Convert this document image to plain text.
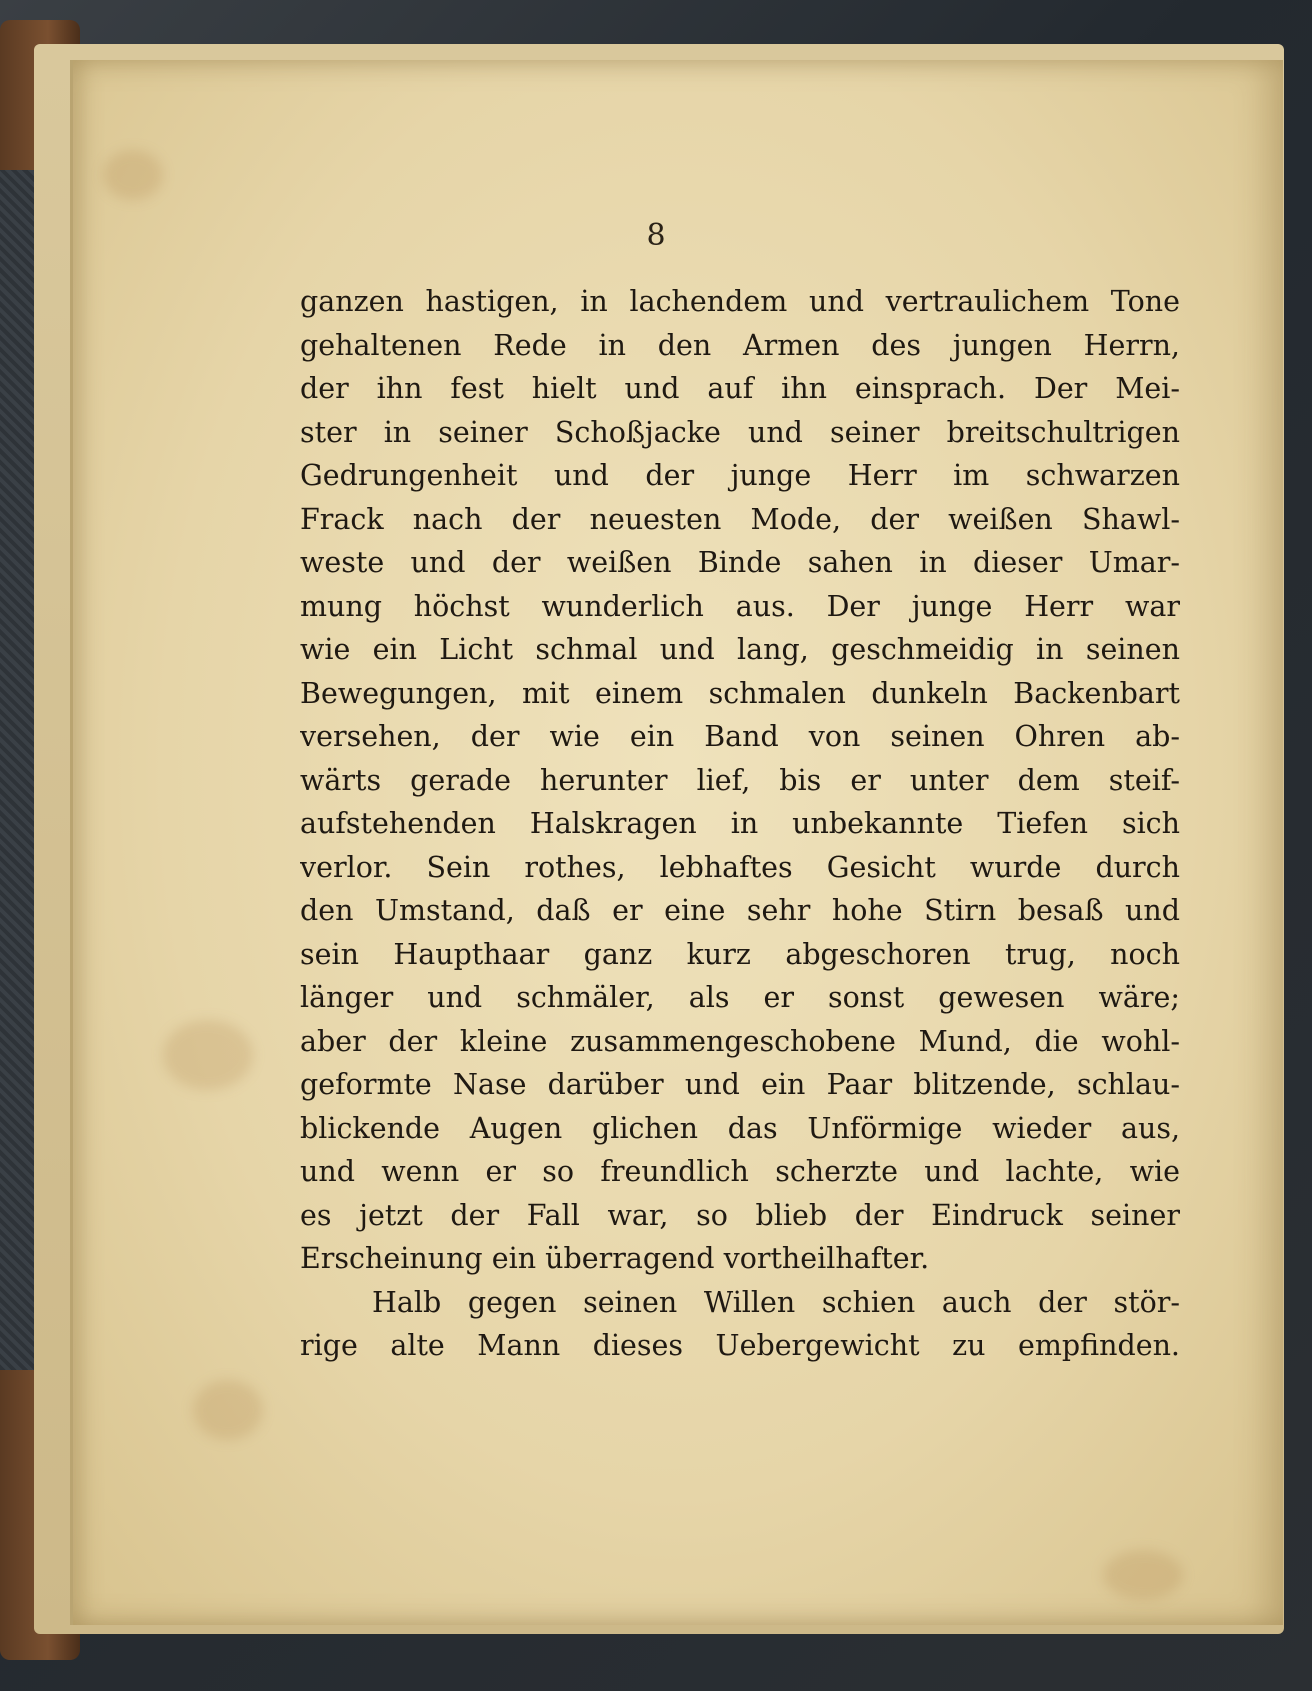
8
ganzen hastigen, in lachendem und vertraulichem Tone
gehaltenen Rede in den Armen des jungen Herrn,
der ihn fest hielt und auf ihn einsprach. Der Mei-
ster in seiner Schoßjacke und seiner breitschultrigen
Gedrungenheit und der junge Herr im schwarzen
Frack nach der neuesten Mode, der weißen Shawl-
weste und der weißen Binde sahen in dieser Umar-
mung höchst wunderlich aus. Der junge Herr war
wie ein Licht schmal und lang, geschmeidig in seinen
Bewegungen, mit einem schmalen dunkeln Backenbart
versehen, der wie ein Band von seinen Ohren ab-
wärts gerade herunter lief, bis er unter dem steif-
aufstehenden Halskragen in unbekannte Tiefen sich
verlor. Sein rothes, lebhaftes Gesicht wurde durch
den Umstand, daß er eine sehr hohe Stirn besaß und
sein Haupthaar ganz kurz abgeschoren trug, noch
länger und schmäler, als er sonst gewesen wäre;
aber der kleine zusammengeschobene Mund, die wohl-
geformte Nase darüber und ein Paar blitzende, schlau-
blickende Augen glichen das Unförmige wieder aus,
und wenn er so freundlich scherzte und lachte, wie
es jetzt der Fall war, so blieb der Eindruck seiner
Erscheinung ein überragend vortheilhafter.
Halb gegen seinen Willen schien auch der stör-
rige alte Mann dieses Uebergewicht zu empfinden.
